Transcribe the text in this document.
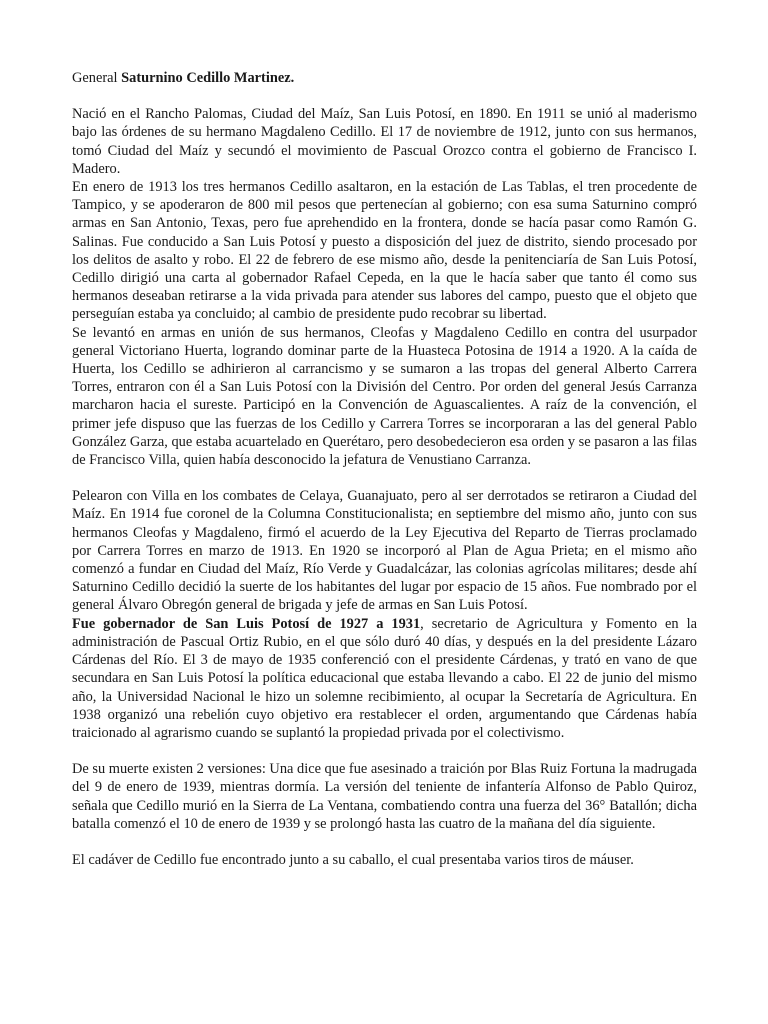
General Saturnino Cedillo Martinez.

Nació en el Rancho Palomas, Ciudad del Maíz, San Luis Potosí, en 1890. En 1911 se unió al maderismo bajo las órdenes de su hermano Magdaleno Cedillo. El 17 de noviembre de 1912, junto con sus hermanos, tomó Ciudad del Maíz y secundó el movimiento de Pascual Orozco contra el gobierno de Francisco I. Madero.

En enero de 1913 los tres hermanos Cedillo asaltaron, en la estación de Las Tablas, el tren procedente de Tampico, y se apoderaron de 800 mil pesos que pertenecían al gobierno; con esa suma Saturnino compró armas en San Antonio, Texas, pero fue aprehendido en la frontera, donde se hacía pasar como Ramón G. Salinas. Fue conducido a San Luis Potosí y puesto a disposición del juez de distrito, siendo procesado por los delitos de asalto y robo. El 22 de febrero de ese mismo año, desde la penitenciaría de San Luis Potosí, Cedillo dirigió una carta al gobernador Rafael Cepeda, en la que le hacía saber que tanto él como sus hermanos deseaban retirarse a la vida privada para atender sus labores del campo, puesto que el objeto que perseguían estaba ya concluido; al cambio de presidente pudo recobrar su libertad.

Se levantó en armas en unión de sus hermanos, Cleofas y Magdaleno Cedillo en contra del usurpador general Victoriano Huerta, logrando dominar parte de la Huasteca Potosina de 1914 a 1920. A la caída de Huerta, los Cedillo se adhirieron al carrancismo y se sumaron a las tropas del general Alberto Carrera Torres, entraron con él a San Luis Potosí con la División del Centro. Por orden del general Jesús Carranza marcharon hacia el sureste. Participó en la Convención de Aguascalientes. A raíz de la convención, el primer jefe dispuso que las fuerzas de los Cedillo y Carrera Torres se incorporaran a las del general Pablo González Garza, que estaba acuartelado en Querétaro, pero desobedecieron esa orden y se pasaron a las filas de Francisco Villa, quien había desconocido la jefatura de Venustiano Carranza.

Pelearon con Villa en los combates de Celaya, Guanajuato, pero al ser derrotados se retiraron a Ciudad del Maíz. En 1914 fue coronel de la Columna Constitucionalista; en septiembre del mismo año, junto con sus hermanos Cleofas y Magdaleno, firmó el acuerdo de la Ley Ejecutiva del Reparto de Tierras proclamado por Carrera Torres en marzo de 1913. En 1920 se incorporó al Plan de Agua Prieta; en el mismo año comenzó a fundar en Ciudad del Maíz, Río Verde y Guadalcázar, las colonias agrícolas militares; desde ahí Saturnino Cedillo decidió la suerte de los habitantes del lugar por espacio de 15 años. Fue nombrado por el general Álvaro Obregón general de brigada y jefe de armas en San Luis Potosí.

Fue gobernador de San Luis Potosí de 1927 a 1931, secretario de Agricultura y Fomento en la administración de Pascual Ortiz Rubio, en el que sólo duró 40 días, y después en la del presidente Lázaro Cárdenas del Río. El 3 de mayo de 1935 conferenció con el presidente Cárdenas, y trató en vano de que secundara en San Luis Potosí la política educacional que estaba llevando a cabo. El 22 de junio del mismo año, la Universidad Nacional le hizo un solemne recibimiento, al ocupar la Secretaría de Agricultura. En 1938 organizó una rebelión cuyo objetivo era restablecer el orden, argumentando que Cárdenas había traicionado al agrarismo cuando se suplantó la propiedad privada por el colectivismo.

De su muerte existen 2 versiones: Una dice que fue asesinado a traición por Blas Ruiz Fortuna la madrugada del 9 de enero de 1939, mientras dormía. La versión del teniente de infantería Alfonso de Pablo Quiroz, señala que Cedillo murió en la Sierra de La Ventana, combatiendo contra una fuerza del 36° Batallón; dicha batalla comenzó el 10 de enero de 1939 y se prolongó hasta las cuatro de la mañana del día siguiente.

El cadáver de Cedillo fue encontrado junto a su caballo, el cual presentaba varios tiros de máuser.
